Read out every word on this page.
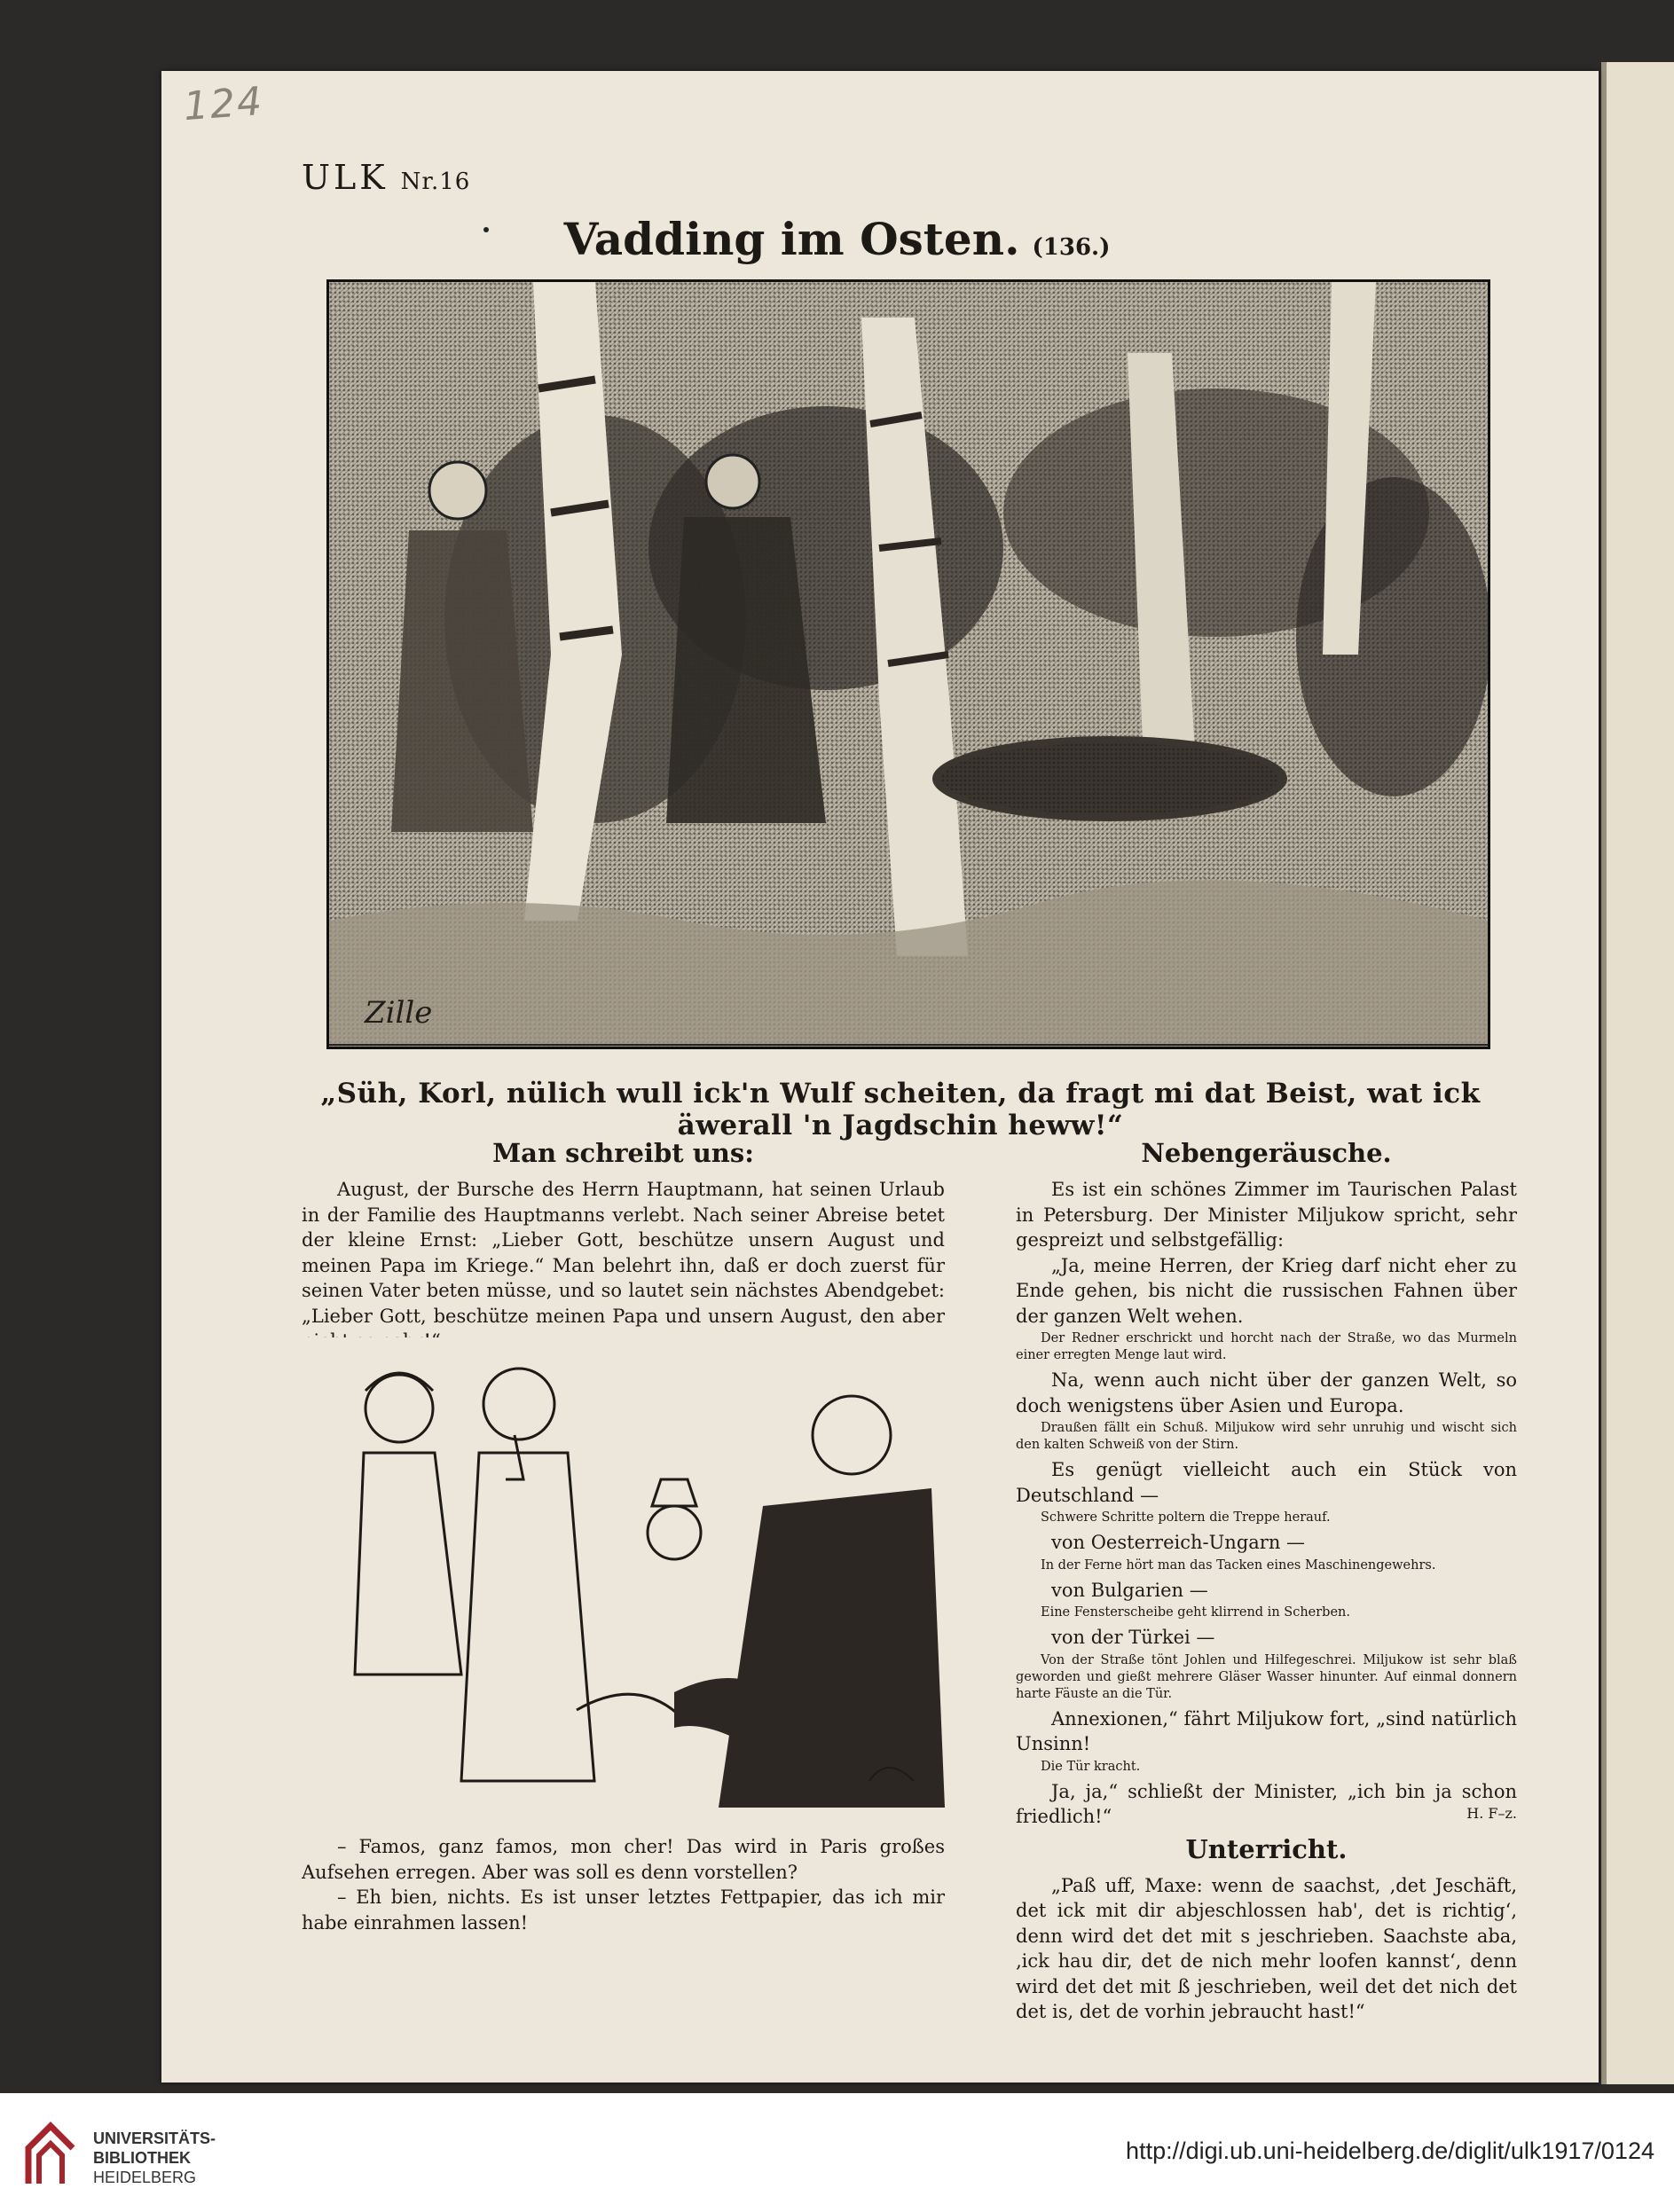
124
ULK Nr.16
Vadding im Osten. (136.)
Zille
„Süh, Korl, nülich wull ick'n Wulf scheiten, da fragt mi dat Beist, wat ick äwerall 'n Jagdschin heww!“
Man schreibt uns:

August, der Bursche des Herrn Hauptmann, hat seinen Urlaub in der Familie des Hauptmanns verlebt. Nach seiner Abreise betet der kleine Ernst: „Lieber Gott, beschütze unsern August und meinen Papa im Kriege.“ Man belehrt ihn, daß er doch zuerst für seinen Vater beten müsse, und so lautet sein nächstes Abendgebet: „Lieber Gott, beschütze meinen Papa und unsern August, den aber

– Famos, ganz famos, mon cher! Das wird in Paris großes Aufsehen erregen. Aber was soll es denn vorstellen?

– Eh bien, nichts. Es ist unser letztes Fettpapier, das ich mir habe einrahmen lassen!

Nebengeräusche.

Es ist ein schönes Zimmer im Taurischen Palast in Petersburg. Der Minister Miljukow spricht, sehr gespreizt und selbstgefällig:

„Ja, meine Herren, der Krieg darf nicht eher zu Ende gehen, bis nicht die russischen Fahnen über der ganzen Welt wehen.

Der Redner erschrickt und horcht nach der Straße, wo das Murmeln einer erregten Menge laut wird.

Na, wenn auch nicht über der ganzen Welt, so doch wenigstens über Asien und Europa.

Draußen fällt ein Schuß. Miljukow wird sehr unruhig und wischt sich den kalten Schweiß von der Stirn.

Es genügt vielleicht auch ein Stück von Deutschland —

Schwere Schritte poltern die Treppe herauf.

von Oesterreich-Ungarn —

In der Ferne hört man das Tacken eines Maschinengewehrs.

von Bulgarien —

Eine Fensterscheibe geht klirrend in Scherben.

von der Türkei —

Von der Straße tönt Johlen und Hilfegeschrei. Miljukow ist sehr blaß geworden und gießt mehrere Gläser Wasser hinunter. Auf einmal donnern harte Fäuste an die Tür.

Annexionen,“ fährt Miljukow fort, „sind natürlich Unsinn!

Die Tür kracht.

Ja, ja,“ schließt der Minister, „ich bin ja schon friedlich!“	H. F–z.
Unterricht.

„Paß uff, Maxe: wenn de saachst, ‚det Jeschäft, det ick mit dir abjeschlossen hab', det is richtig‘, denn wird det det mit s jeschrieben. Saachste aba, ‚ick hau dir, det de nich mehr loofen kannst‘, denn wird det det mit ß jeschrieben, weil det det nich det det is, det de vorhin jebraucht hast!“

UNIVERSITÄTS-
BIBLIOTHEK
HEIDELBERG
http://digi.ub.uni-heidelberg.de/diglit/ulk1917/0124
